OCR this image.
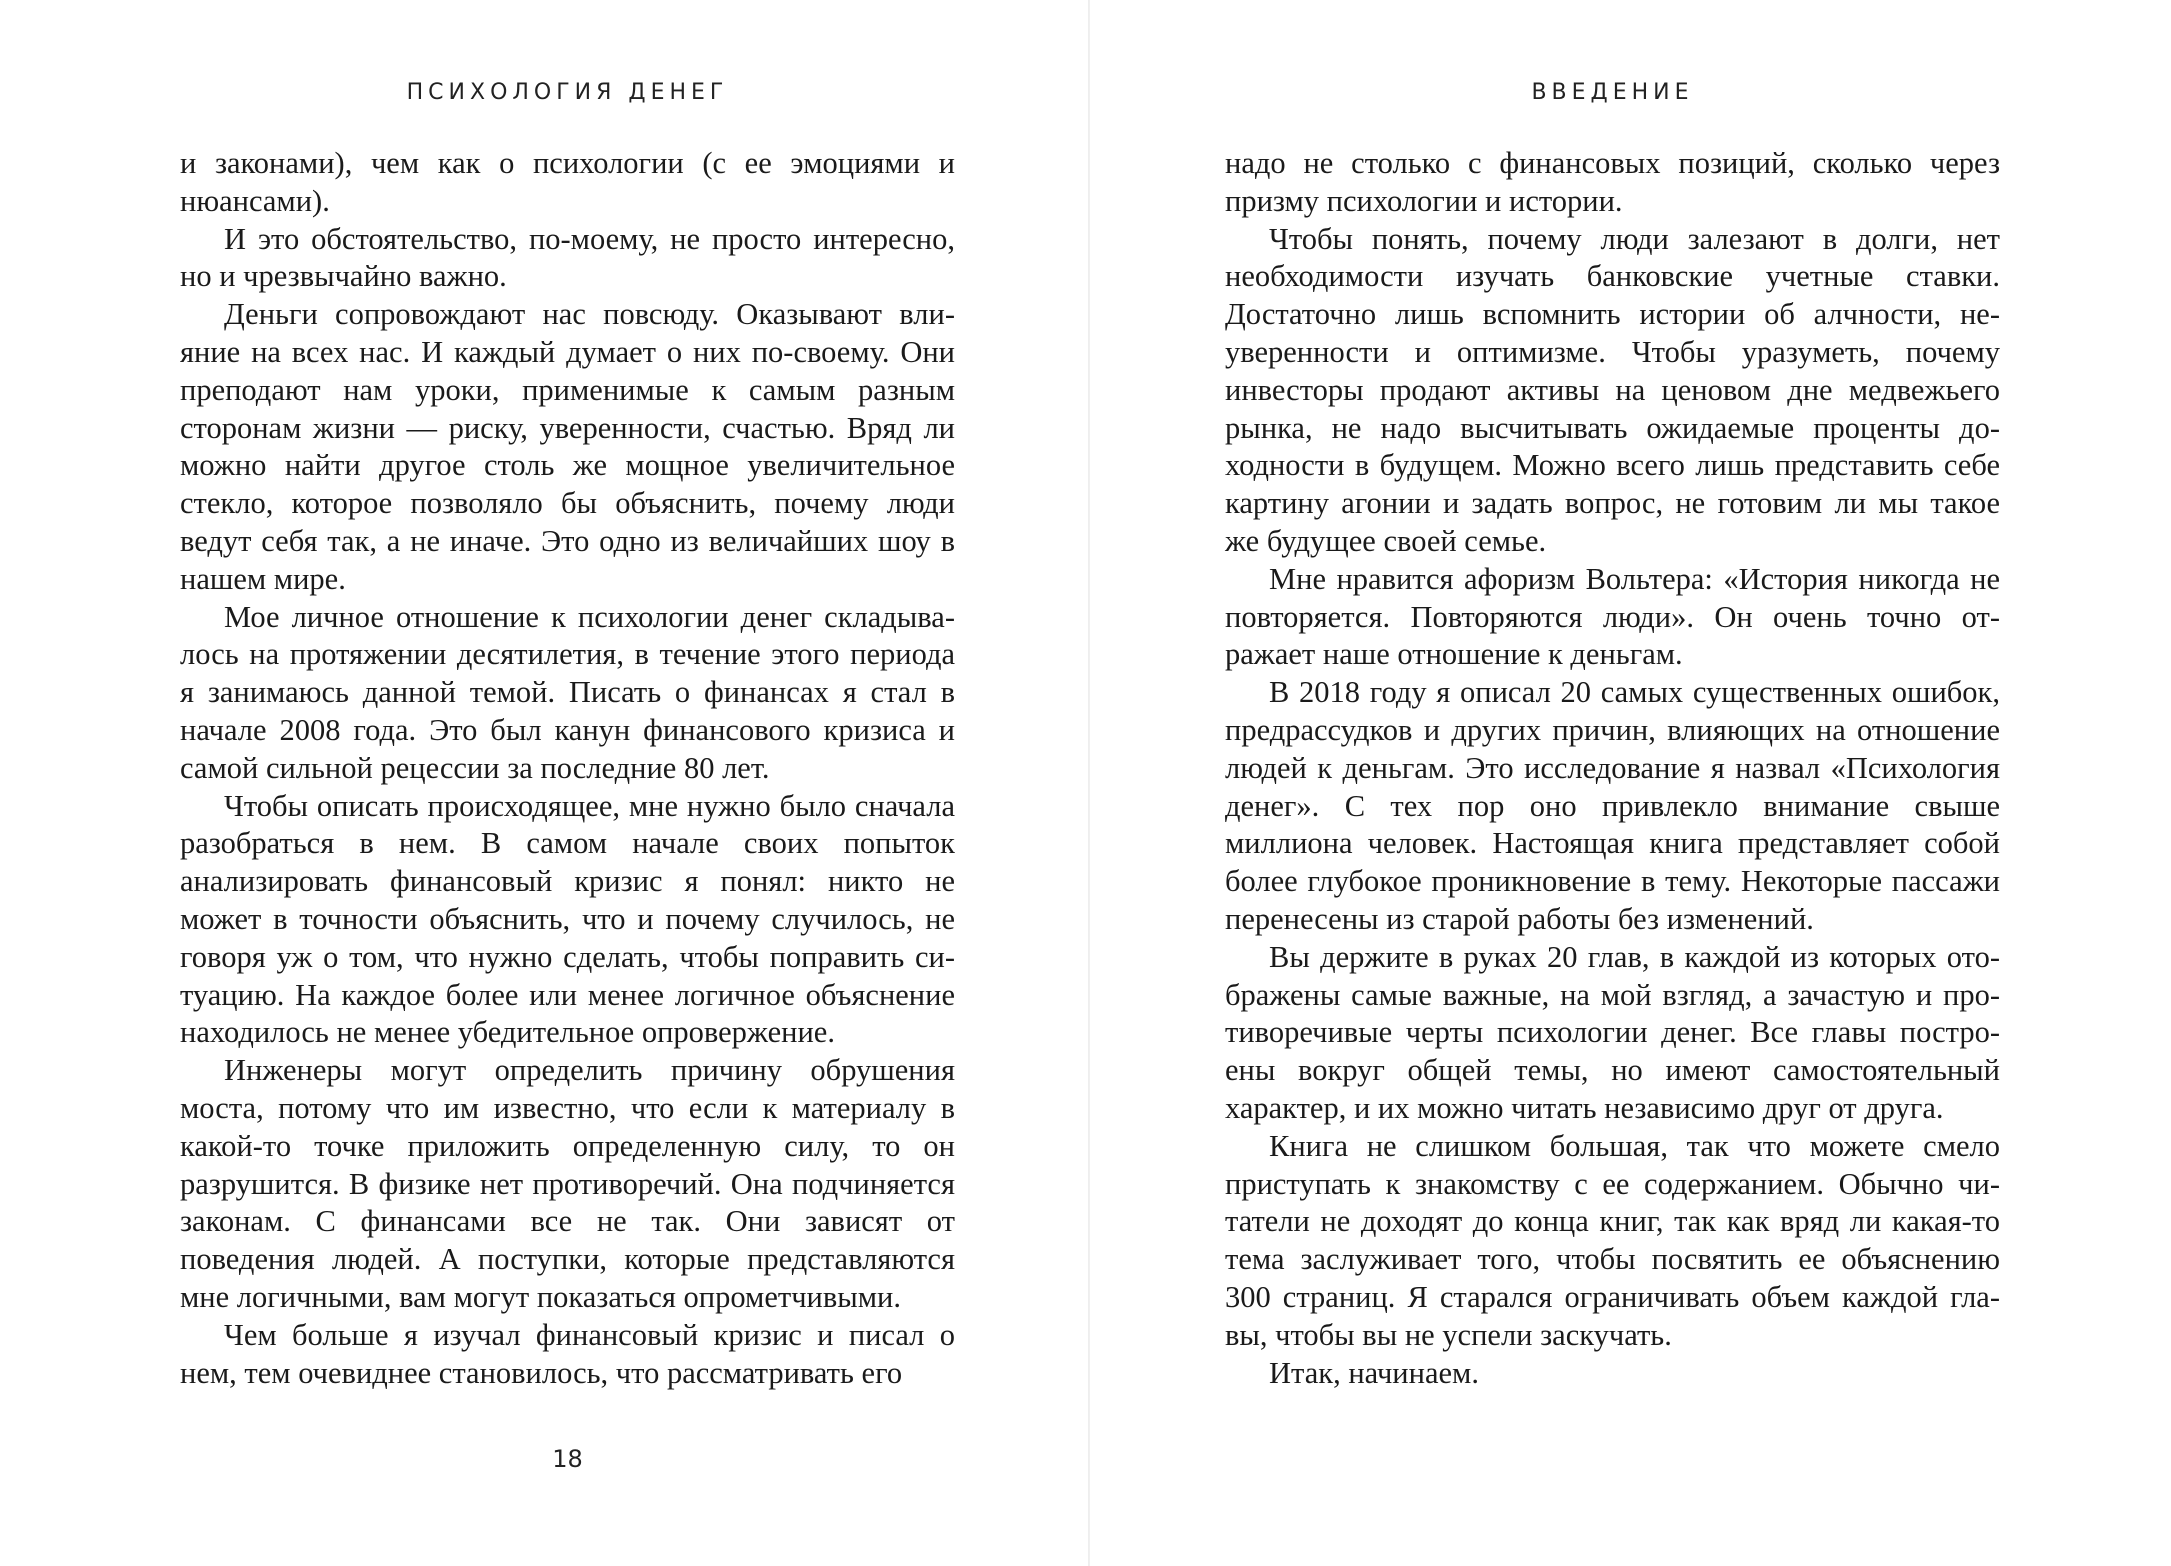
ПСИХОЛОГИЯ ДЕНЕГ

и законами), чем как о психологии (с ее эмоциями и нюансами).

И это обстоятельство, по-моему, не просто интересно, но и чрезвычайно важно.

Деньги сопровождают нас повсюду. Оказывают влияние на всех нас. И каждый думает о них по-своему. Они преподают нам уроки, применимые к самым разным сторонам жизни — риску, уверенности, счастью. Вряд ли можно найти другое столь же мощное увеличительное стекло, которое позволяло бы объяснить, почему люди ведут себя так, а не иначе. Это одно из величайших шоу в нашем мире.

Мое личное отношение к психологии денег складывалось на протяжении десятилетия, в течение этого периода я занимаюсь данной темой. Писать о финансах я стал в начале 2008 года. Это был канун финансового кризиса и самой сильной рецессии за последние 80 лет.

Чтобы описать происходящее, мне нужно было сначала разобраться в нем. В самом начале своих попыток анализировать финансовый кризис я понял: никто не может в точности объяснить, что и почему случилось, не говоря уж о том, что нужно сделать, чтобы поправить ситуацию. На каждое более или менее логичное объяснение находилось не менее убедительное опровержение.

Инженеры могут определить причину обрушения моста, потому что им известно, что если к материалу в какой-то точке приложить определенную силу, то он разрушится. В физике нет противоречий. Она подчиняется законам. С финансами все не так. Они зависят от поведения людей. А поступки, которые представляются мне логичными, вам могут показаться опрометчивыми.

Чем больше я изучал финансовый кризис и писал о нем, тем очевиднее становилось, что рассматривать его

18
ВВЕДЕНИЕ

надо не столько с финансовых позиций, сколько через призму психологии и истории.

Чтобы понять, почему люди залезают в долги, нет необходимости изучать банковские учетные ставки. Достаточно лишь вспомнить истории об алчности, неуверенности и оптимизме. Чтобы уразуметь, почему инвесторы продают активы на ценовом дне медвежьего рынка, не надо высчитывать ожидаемые проценты доходности в будущем. Можно всего лишь представить себе картину агонии и задать вопрос, не готовим ли мы такое же будущее своей семье.

Мне нравится афоризм Вольтера: «История никогда не повторяется. Повторяются люди». Он очень точно отражает наше отношение к деньгам.

В 2018 году я описал 20 самых существенных ошибок, предрассудков и других причин, влияющих на отношение людей к деньгам. Это исследование я назвал «Психология денег». С тех пор оно привлекло внимание свыше миллиона человек. Настоящая книга представляет собой более глубокое проникновение в тему. Некоторые пассажи перенесены из старой работы без изменений.

Вы держите в руках 20 глав, в каждой из которых отображены самые важные, на мой взгляд, а зачастую и противоречивые черты психологии денег. Все главы построены вокруг общей темы, но имеют самостоятельный характер, и их можно читать независимо друг от друга.

Книга не слишком большая, так что можете смело приступать к знакомству с ее содержанием. Обычно читатели не доходят до конца книг, так как вряд ли какая-то тема заслуживает того, чтобы посвятить ее объяснению 300 страниц. Я старался ограничивать объем каждой главы, чтобы вы не успели заскучать.

Итак, начинаем.
